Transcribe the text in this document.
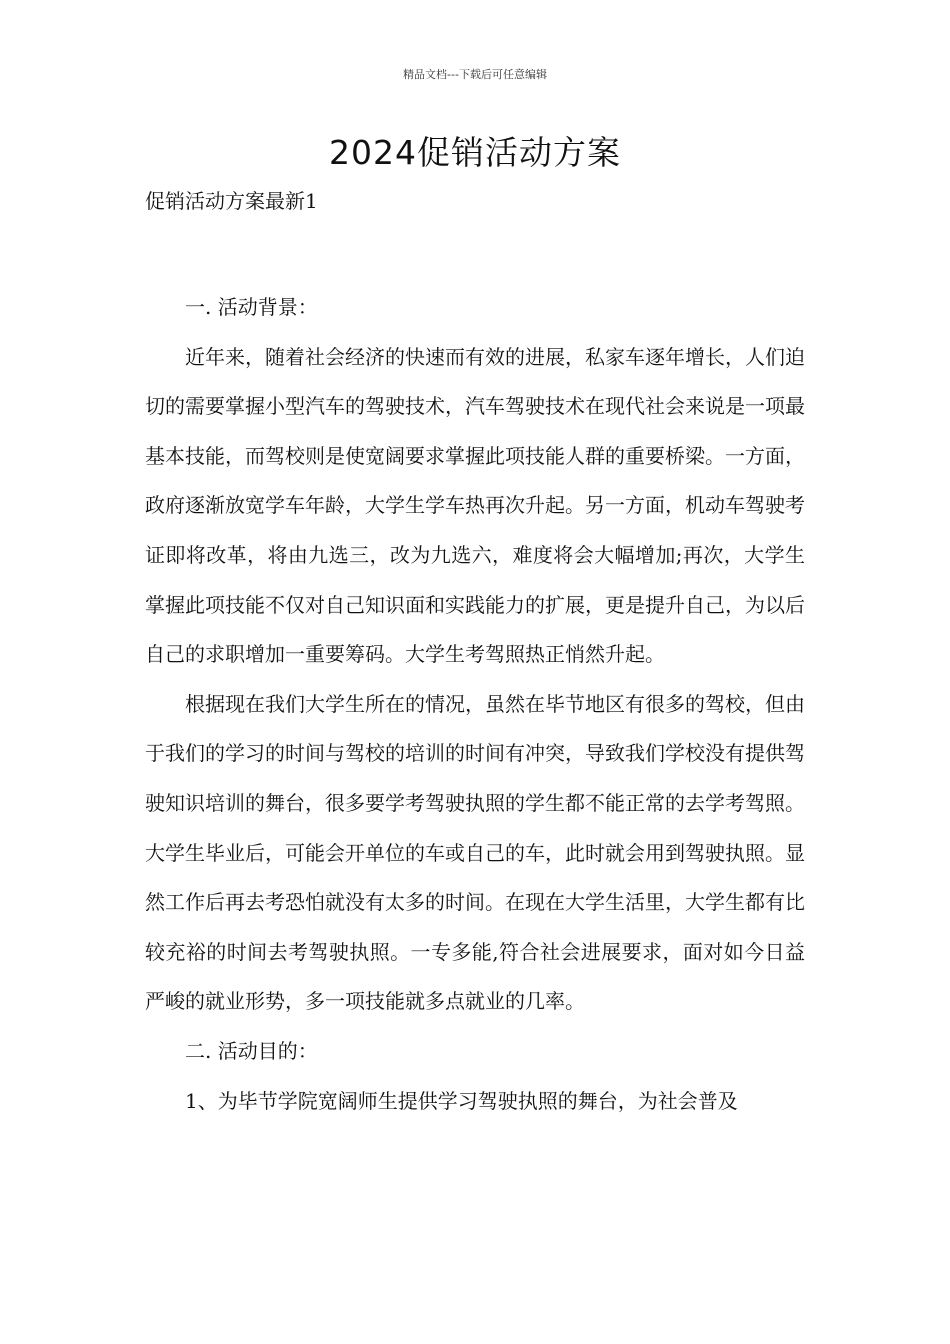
精品文档---下载后可任意编辑
2024促销活动方案
促销活动方案最新1

一. 活动背景：

近年来，随着社会经济的快速而有效的进展，私家车逐年增长，人们迫切的需要掌握小型汽车的驾驶技术，汽车驾驶技术在现代社会来说是一项最基本技能，而驾校则是使宽阔要求掌握此项技能人群的重要桥梁。一方面，政府逐渐放宽学车年龄，大学生学车热再次升起。另一方面，机动车驾驶考证即将改革，将由九选三，改为九选六，难度将会大幅增加;再次，大学生掌握此项技能不仅对自己知识面和实践能力的扩展，更是提升自己，为以后自己的求职增加一重要筹码。大学生考驾照热正悄然升起。

根据现在我们大学生所在的情况，虽然在毕节地区有很多的驾校，但由于我们的学习的时间与驾校的培训的时间有冲突，导致我们学校没有提供驾驶知识培训的舞台，很多要学考驾驶执照的学生都不能正常的去学考驾照。大学生毕业后，可能会开单位的车或自己的车，此时就会用到驾驶执照。显然工作后再去考恐怕就没有太多的时间。在现在大学生活里，大学生都有比较充裕的时间去考驾驶执照。一专多能,符合社会进展要求，面对如今日益严峻的就业形势，多一项技能就多点就业的几率。

二. 活动目的：

1、为毕节学院宽阔师生提供学习驾驶执照的舞台，为社会普及
